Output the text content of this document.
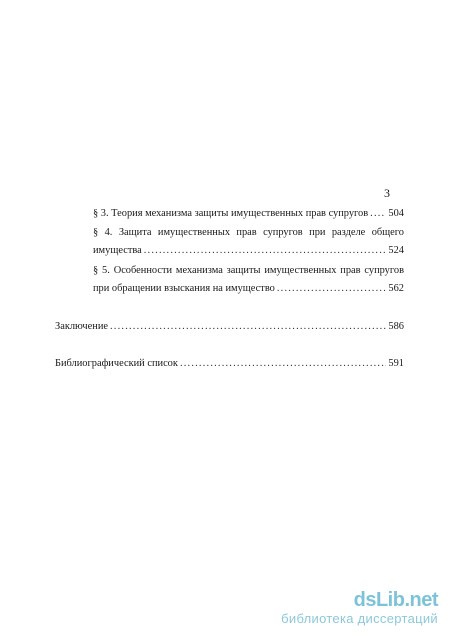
3
§ 3. Теория механизма защиты имущественных прав супругов ..... 504
§ 4. Защита имущественных прав супругов при разделе общего
имущества .....	524
§ 5. Особенности механизма защиты имущественных прав супругов
при обращении взыскания на имущество .....	562
Заключение .....	586
Библиографический список .....	591
dsLib.net
библиотека диссертаций
